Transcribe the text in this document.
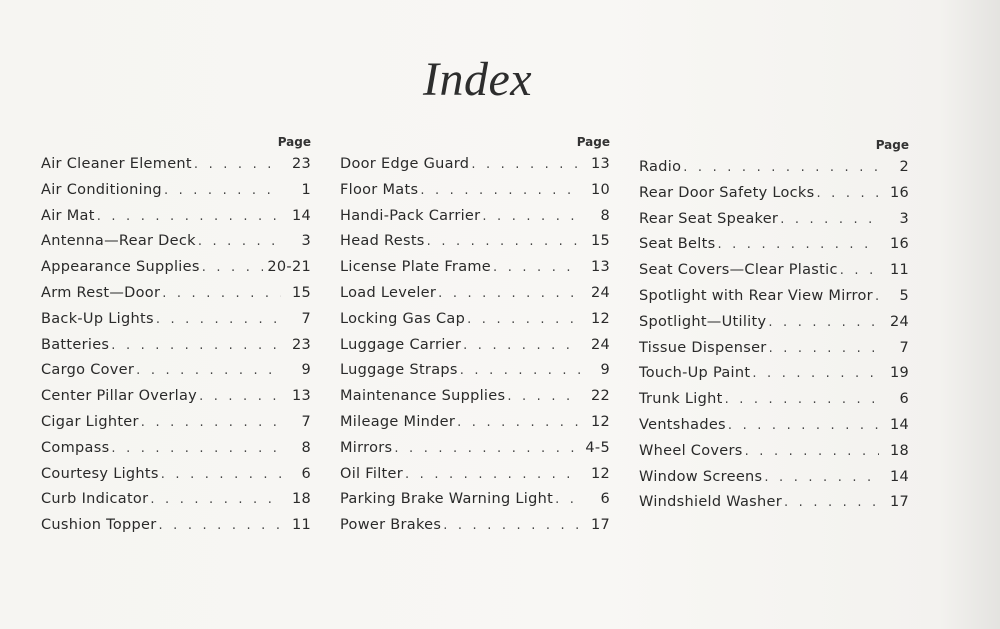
Index
Page
Air Cleaner Element . . .	23
Air Conditioning . . .	1
Air Mat . . .	14
Antenna—Rear Deck . . .	3
Appearance Supplies . . .	20-21
Arm Rest—Door . . .	15
Back-Up Lights . . .	7
Batteries . . .	23
Cargo Cover . . .	9
Center Pillar Overlay . . .	13
Cigar Lighter . . .	7
Compass . . .	8
Courtesy Lights . . .	6
Curb Indicator . . .	18
Cushion Topper . . .	11
Page
Door Edge Guard . . .	13
Floor Mats . . .	10
Handi-Pack Carrier . . .	8
Head Rests . . .	15
License Plate Frame . . .	13
Load Leveler . . .	24
Locking Gas Cap . . .	12
Luggage Carrier . . .	24
Luggage Straps . . .	9
Maintenance Supplies . . .	22
Mileage Minder . . .	12
Mirrors . . .	4-5
Oil Filter . . .	12
Parking Brake Warning Light . . .	6
Power Brakes . . .	17
Page
Radio . . .	2
Rear Door Safety Locks . . .	16
Rear Seat Speaker . . .	3
Seat Belts . . .	16
Seat Covers—Clear Plastic . . .	11
Spotlight with Rear View Mirror . . .	5
Spotlight—Utility . . .	24
Tissue Dispenser . . .	7
Touch-Up Paint . . .	19
Trunk Light . . .	6
Ventshades . . .	14
Wheel Covers . . .	18
Window Screens . . .	14
Windshield Washer . . .	17
